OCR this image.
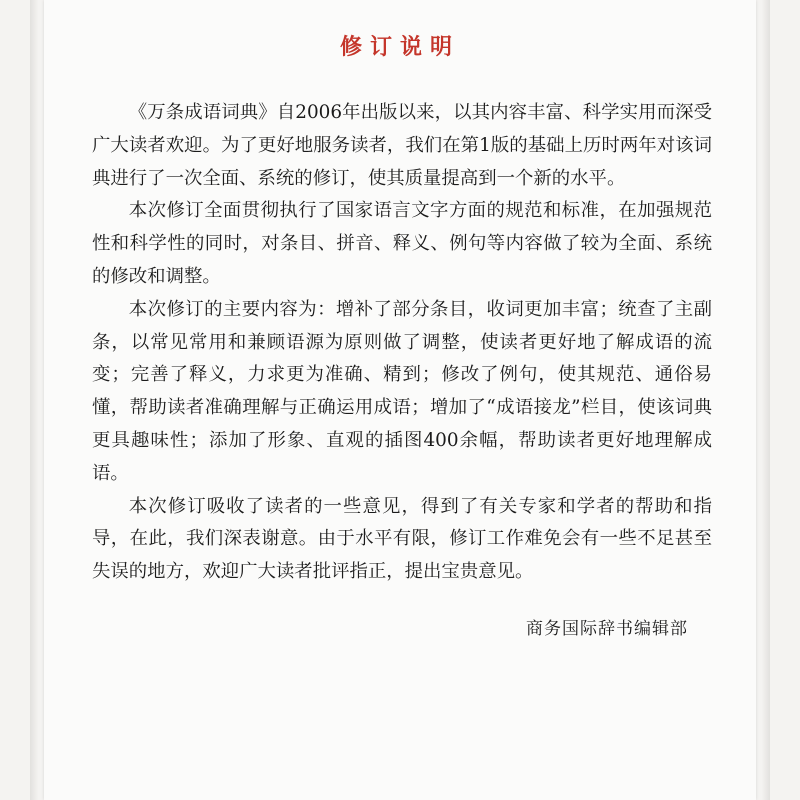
修订说明

《万条成语词典》自2006年出版以来，以其内容丰富、科学实用而深受广大读者欢迎。为了更好地服务读者，我们在第1版的基础上历时两年对该词典进行了一次全面、系统的修订，使其质量提高到一个新的水平。

本次修订全面贯彻执行了国家语言文字方面的规范和标准，在加强规范性和科学性的同时，对条目、拼音、释义、例句等内容做了较为全面、系统的修改和调整。

本次修订的主要内容为：增补了部分条目，收词更加丰富；统查了主副条，以常见常用和兼顾语源为原则做了调整，使读者更好地了解成语的流变；完善了释义，力求更为准确、精到；修改了例句，使其规范、通俗易懂，帮助读者准确理解与正确运用成语；增加了“成语接龙”栏目，使该词典更具趣味性；添加了形象、直观的插图400余幅，帮助读者更好地理解成语。

本次修订吸收了读者的一些意见，得到了有关专家和学者的帮助和指导，在此，我们深表谢意。由于水平有限，修订工作难免会有一些不足甚至失误的地方，欢迎广大读者批评指正，提出宝贵意见。

商务国际辞书编辑部
